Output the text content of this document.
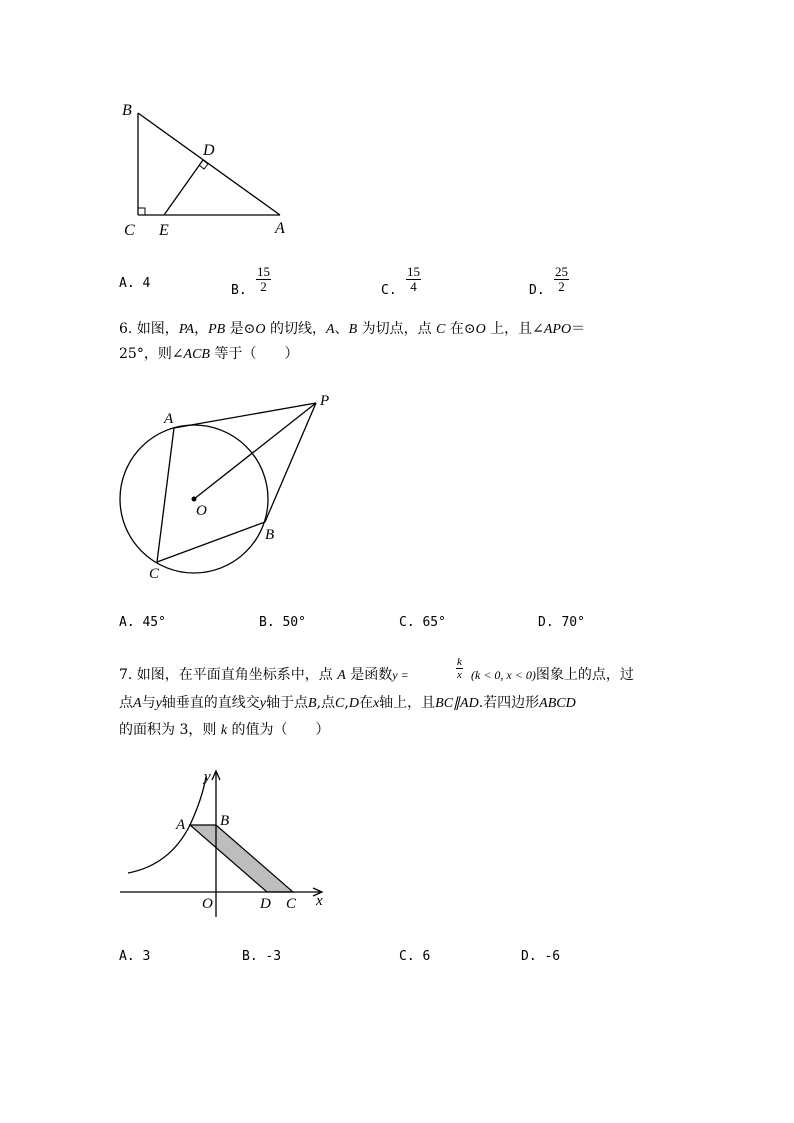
B
D
C E	A
A. 4	B. $\frac{15}{2}$	C. $\frac{15}{4}$	D. $\frac{25}{2}$
6. 如图，PA，PB 是⊙O 的切线，A、B 为切点，点 C 在⊙O 上，且∠APO＝
25°，则∠ACB 等于（　　）
A
P
O
B
C
A. 45°	B. 50°	C. 65°	D. 70°
7. 如图，在平面直角坐标系中，点 A 是函数y =	$\frac{k}{x} (k < 0$, x < 0)图象上的点，过
点A与y轴垂直的直线交y轴于点B,点C,D在x轴上，且BC∥AD.若四边形ABCD
的面积为 3，则 k 的值为（　　）
y
A B
O	D C x
A. 3	B. -3	C. 6	D. -6
